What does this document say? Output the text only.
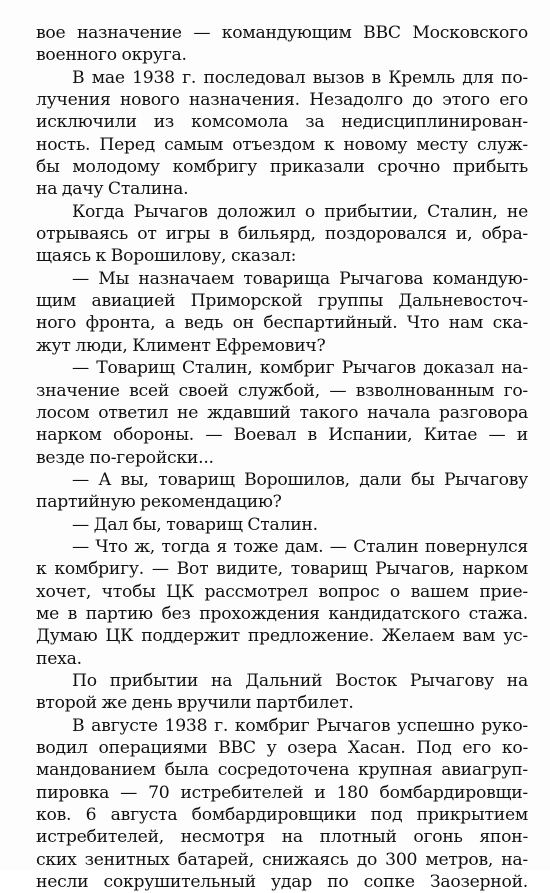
вое назначение — командующим ВВС Московского
военного округа.
В мае 1938 г. последовал вызов в Кремль для по-
лучения нового назначения. Незадолго до этого его
исключили из комсомола за недисциплинирован-
ность. Перед самым отъездом к новому месту служ-
бы молодому комбригу приказали срочно прибыть
на дачу Сталина.
Когда Рычагов доложил о прибытии, Сталин, не
отрываясь от игры в бильярд, поздоровался и, обра-
щаясь к Ворошилову, сказал:
— Мы назначаем товарища Рычагова командую-
щим авиацией Приморской группы Дальневосточ-
ного фронта, а ведь он беспартийный. Что нам ска-
жут люди, Климент Ефремович?
— Товарищ Сталин, комбриг Рычагов доказал на-
значение всей своей службой, — взволнованным го-
лосом ответил не ждавший такого начала разговора
нарком обороны. — Воевал в Испании, Китае — и
везде по-геройски...
— А вы, товарищ Ворошилов, дали бы Рычагову
партийную рекомендацию?
— Дал бы, товарищ Сталин.
— Что ж, тогда я тоже дам. — Сталин повернулся
к комбригу. — Вот видите, товарищ Рычагов, нарком
хочет, чтобы ЦК рассмотрел вопрос о вашем прие-
ме в партию без прохождения кандидатского стажа.
Думаю ЦК поддержит предложение. Желаем вам ус-
пеха.
По прибытии на Дальний Восток Рычагову на
второй же день вручили партбилет.
В августе 1938 г. комбриг Рычагов успешно руко-
водил операциями ВВС у озера Хасан. Под его ко-
мандованием была сосредоточена крупная авиагруп-
пировка — 70 истребителей и 180 бомбардировщи-
ков. 6 августа бомбардировщики под прикрытием
истребителей, несмотря на плотный огонь япон-
ских зенитных батарей, снижаясь до 300 метров, на-
несли сокрушительный удар по сопке Заозерной.
